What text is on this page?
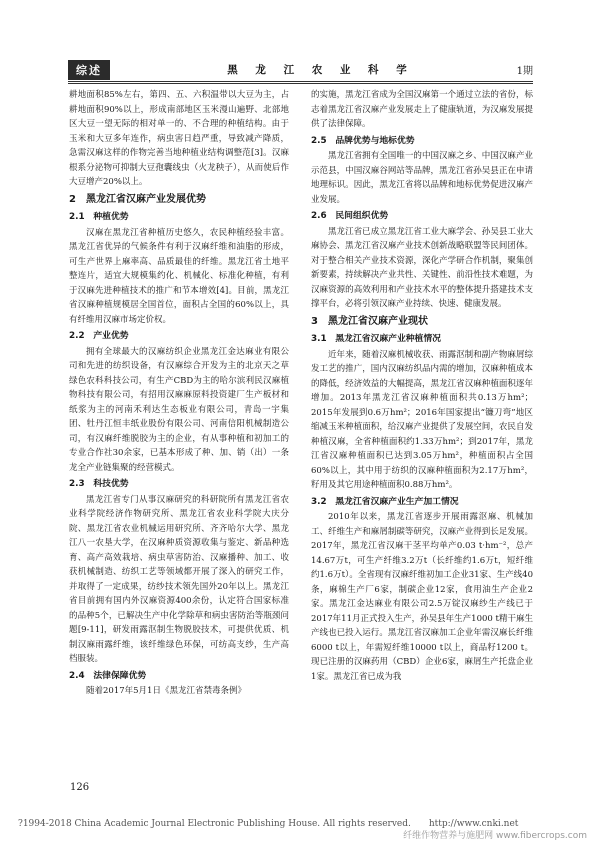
综述	黑 龙 江 农 业 科 学	1期

耕地面积85%左右，第四、五、六积温带以大豆为主，占耕地面积90%以上，形成南部地区玉米漫山遍野、北部地区大豆一望无际的相对单一的、不合理的种植结构。由于玉米和大豆多年连作，病虫害日趋严重，导致减产降质，急需汉麻这样的作物完善当地种植业结构调整范[3]。汉麻根系分泌物可抑制大豆孢囊线虫（火龙秧子），从而使后作大豆增产20%以上。

2　黑龙江省汉麻产业发展优势
2.1　种植优势

汉麻在黑龙江省种植历史悠久，农民种植经验丰富。黑龙江省优异的气候条件有利于汉麻纤维和油脂的形成，可生产世界上麻率高、品质最佳的纤维。黑龙江省土地平整连片，适宜大规模集约化、机械化、标准化种植，有利于汉麻先进种植技术的推广和节本增效[4]。目前，黑龙江省汉麻种植规模居全国首位，面积占全国的60%以上，具有纤维用汉麻市场定价权。

2.2　产业优势

拥有全球最大的汉麻纺织企业黑龙江金达麻业有限公司和先进的纺织设备，有汉麻综合开发为主的北京天之草绿色农科科技公司，有生产CBD为主的哈尔滨利民汉麻植物科技有限公司，有招用汉麻麻原料投资建厂生产板材和纸浆为主的河南禾利达生态板业有限公司，青岛一宇集团、牡丹江恒丰纸业股份有限公司、河南信阳机械制造公司，有汉麻纤维脱胶为主的企业，有从事种植和初加工的专业合作社30余家，已基本形成了种、加、销（出）一条龙全产业链集聚的经营模式。

2.3　科技优势

黑龙江省专门从事汉麻研究的科研院所有黑龙江省农业科学院经济作物研究所、黑龙江省农业科学院大庆分院、黑龙江省农业机械运用研究所、齐齐哈尔大学、黑龙江八一农垦大学，在汉麻种质资源收集与鉴定、新品种选育、高产高效栽培、病虫草害防治、汉麻播种、加工、收获机械制造、纺织工艺等领域都开展了深入的研究工作，并取得了一定成果，纺纱技术领先国外20年以上。黑龙江省目前拥有国内外汉麻资源400余份，认定符合国家标准的品种5个，已解决生产中化学除草和病虫害防治等瓶颈问题[9-11]，研发雨露沤制生物脱胶技术，可提供优质、机制汉麻雨露纤维，该纤维绿色环保，可纺高支纱，生产高档服装。

2.4　法律保障优势

随着2017年5月1日《黑龙江省禁毒条例》

的实施，黑龙江省成为全国汉麻第一个通过立法的省份，标志着黑龙江省汉麻产业发展走上了健康轨道，为汉麻发展提供了法律保障。

2.5　品牌优势与地标优势

黑龙江省拥有全国唯一的中国汉麻之乡、中国汉麻产业示范县，中国汉麻谷网站等品牌，黑龙江省孙吴县正在申请地理标识。因此，黑龙江省将以品牌和地标优势促进汉麻产业发展。

2.6　民间组织优势

黑龙江省已成立黑龙江省工业大麻学会、孙吴县工业大麻协会、黑龙江省汉麻产业技术创新战略联盟等民间团体。对于整合相关产业技术资源，深化产学研合作机制，聚集创新要素，持续解决产业共性、关键性、前沿性技术难题，为汉麻资源的高效利用和产业技术水平的整体提升搭建技术支撑平台，必将引领汉麻产业持续、快速、健康发展。

3　黑龙江省汉麻产业现状
3.1　黑龙江省汉麻产业种植情况

近年来，随着汉麻机械收获、雨露沤制和副产物麻屑综发工艺的推广，国内汉麻纺织品内需的增加，汉麻种植成本的降低，经济效益的大幅提高，黑龙江省汉麻种植面积逐年增加。2013年黑龙江省汉麻种植面积共0.13万hm²；2015年发展到0.6万hm²；2016年国家提出“镰刀弯”地区缩减玉米种植面积，给汉麻产业提供了发展空间，农民自发种植汉麻，全省种植面积约1.33万hm²；到2017年，黑龙江省汉麻种植面积已达到3.05万hm²，种植面积占全国60%以上，其中用于纺织的汉麻种植面积为2.17万hm²，籽用及其它用途种植面积0.88万hm²。

3.2　黑龙江省汉麻产业生产加工情况

2010年以来，黑龙江省逐步开展雨露沤麻、机械加工、纤维生产和麻屑制碳等研究，汉麻产业得到长足发展。2017年，黑龙江省汉麻干茎平均单产0.03 t·hm⁻²，总产14.67万t，可生产纤维3.2万t（长纤维约1.6万t，短纤维约1.6万t）。全省现有汉麻纤维初加工企业31家、生产线40条，麻棉生产厂6家，制碳企业12家，食用油生产企业2家。黑龙江金达麻业有限公司2.5万锭汉麻纱生产线已于2017年11月正式投入生产，孙吴县年生产1000 t精干麻生产线也已投入运行。黑龙江省汉麻加工企业年需汉麻长纤维6000 t以上，年需短纤维10000 t以上，商品籽1200 t。现已注册的汉麻药用（CBD）企业6家，麻屑生产托盘企业1家。黑龙江省已成为我

126
?1994-2018 China Academic Journal Electronic Publishing House. All rights reserved.　　http://www.cnki.net
纤维作物营养与施肥网 www.fibercrops.com
